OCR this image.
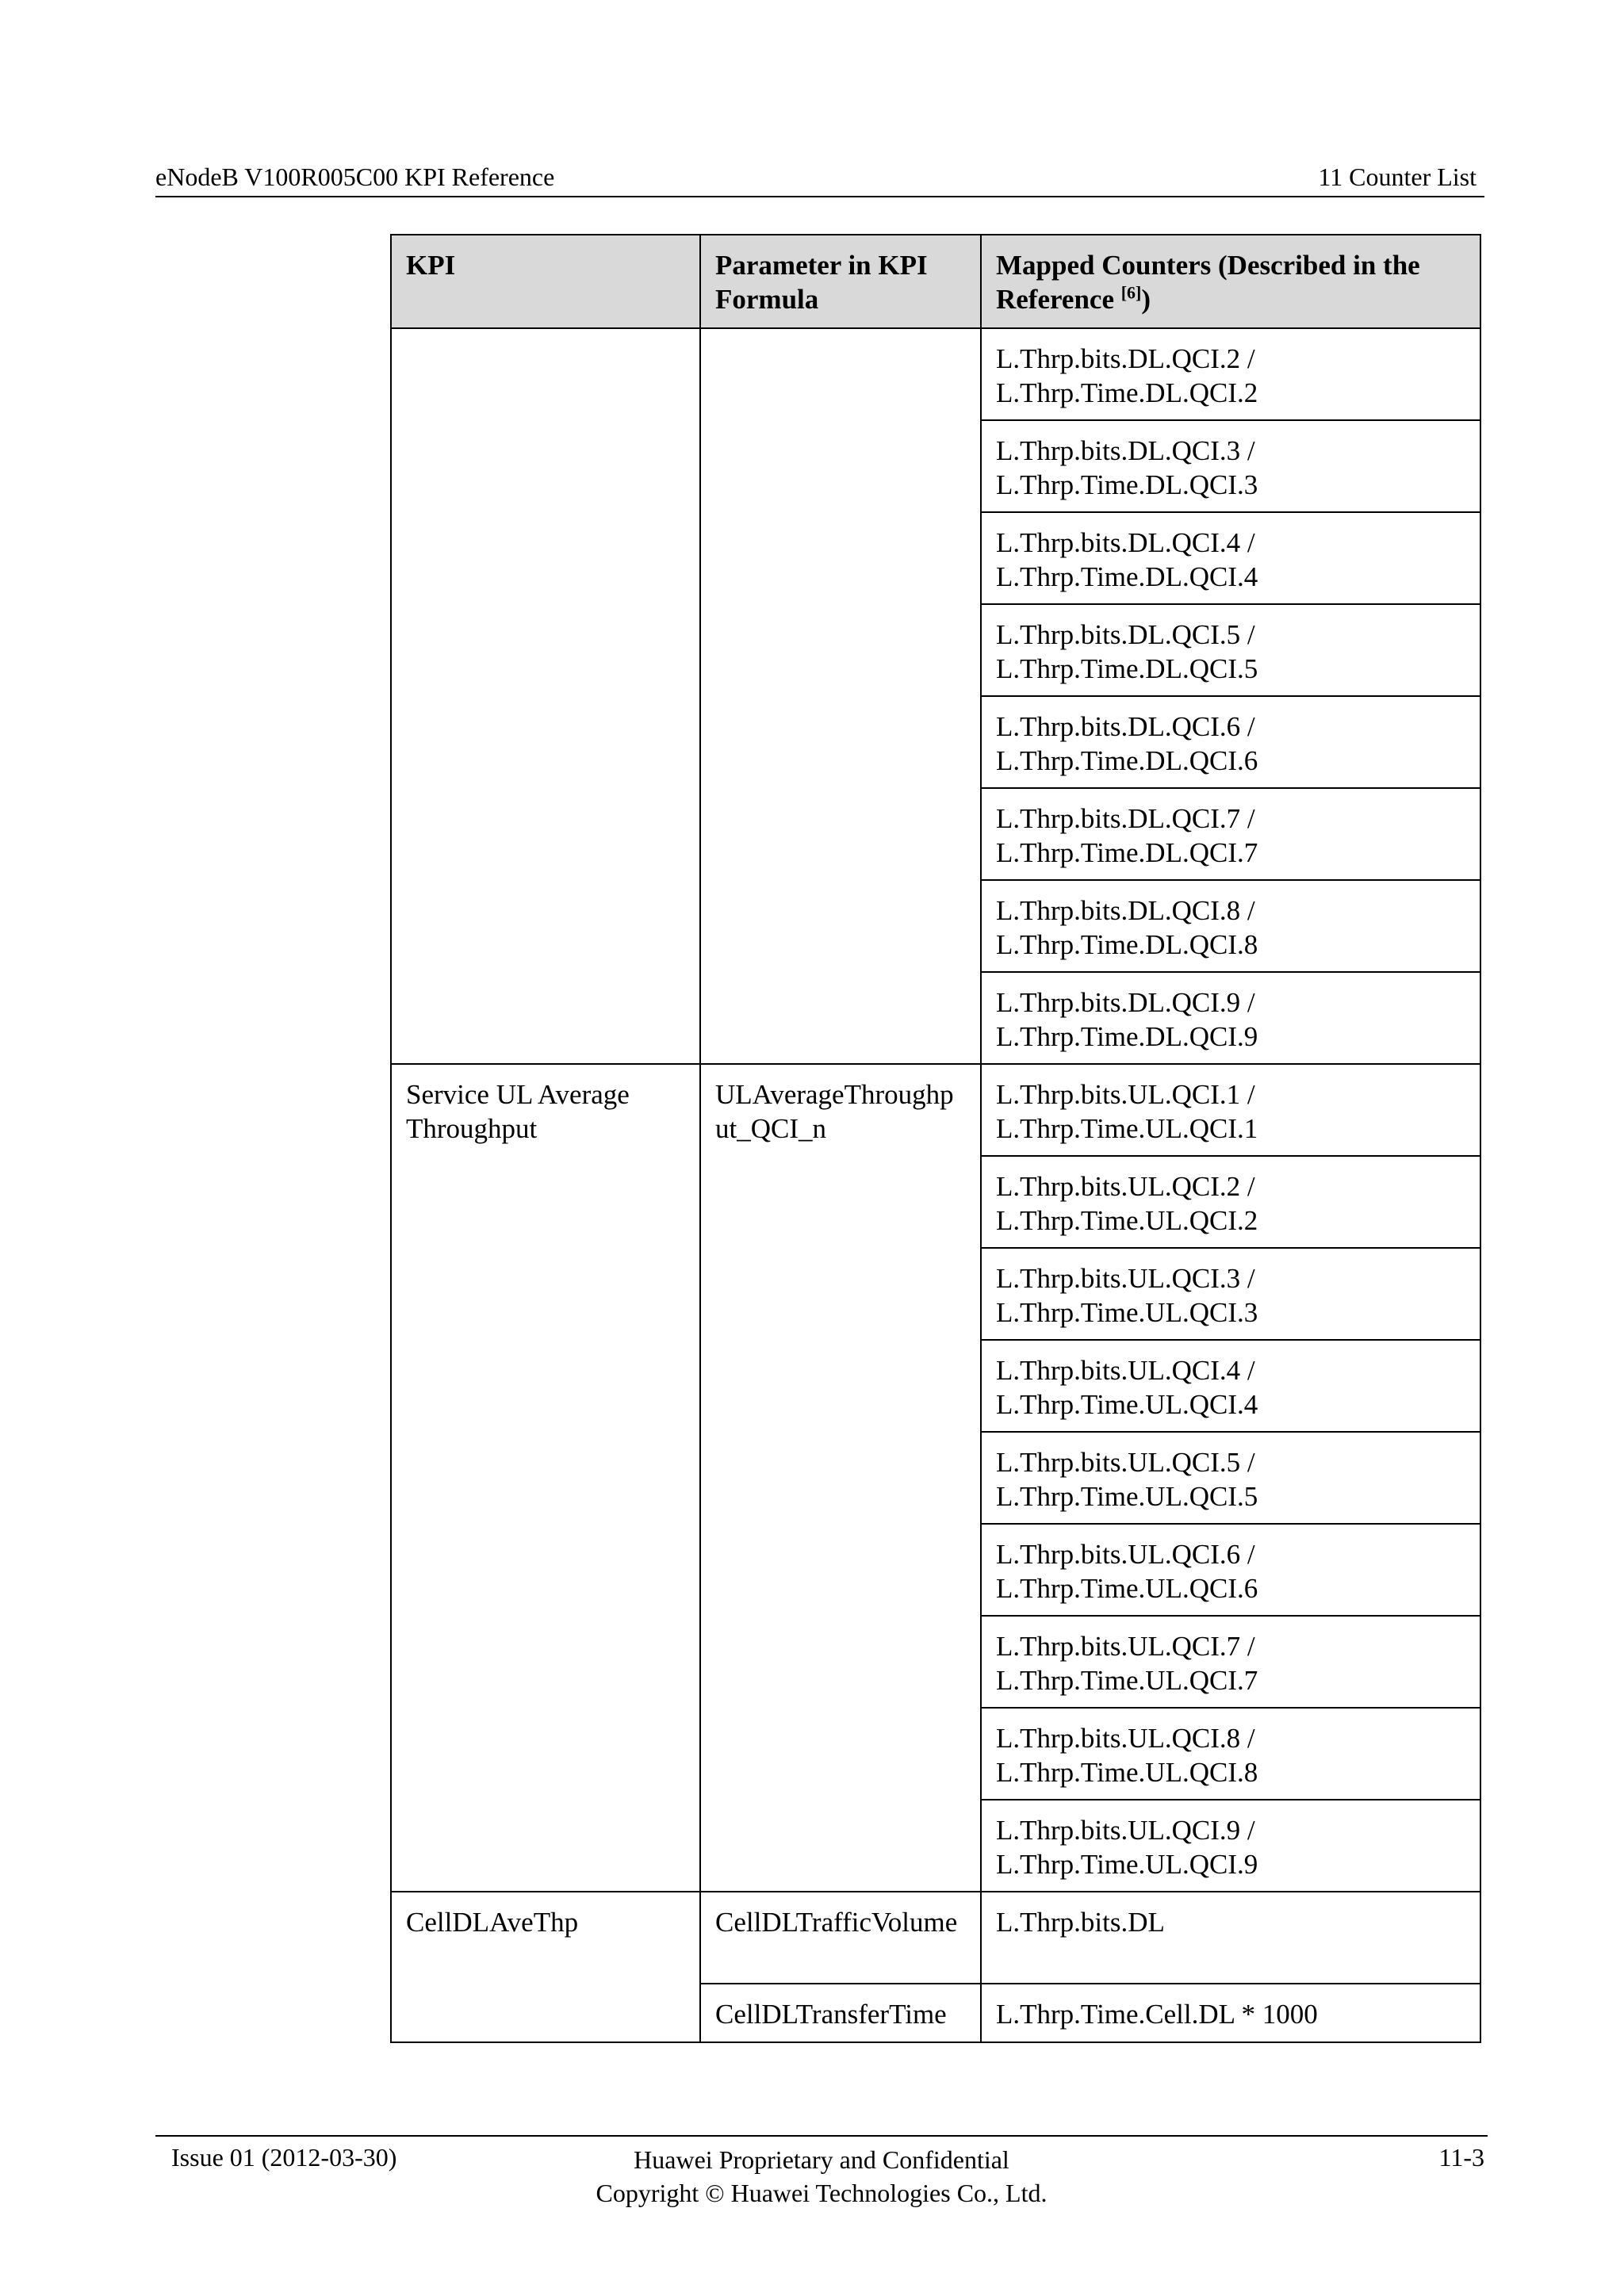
eNodeB V100R005C00 KPI Reference	11 Counter List
KPI	Parameter in KPI Formula	Mapped Counters (Described in the Reference [6])
		L.Thrp.bits.DL.QCI.2 / L.Thrp.Time.DL.QCI.2
		L.Thrp.bits.DL.QCI.3 / L.Thrp.Time.DL.QCI.3
		L.Thrp.bits.DL.QCI.4 / L.Thrp.Time.DL.QCI.4
		L.Thrp.bits.DL.QCI.5 / L.Thrp.Time.DL.QCI.5
		L.Thrp.bits.DL.QCI.6 / L.Thrp.Time.DL.QCI.6
		L.Thrp.bits.DL.QCI.7 / L.Thrp.Time.DL.QCI.7
		L.Thrp.bits.DL.QCI.8 / L.Thrp.Time.DL.QCI.8
		L.Thrp.bits.DL.QCI.9 / L.Thrp.Time.DL.QCI.9
Service UL Average Throughput	ULAverageThroughput_QCI_n	L.Thrp.bits.UL.QCI.1 / L.Thrp.Time.UL.QCI.1
		L.Thrp.bits.UL.QCI.2 / L.Thrp.Time.UL.QCI.2
		L.Thrp.bits.UL.QCI.3 / L.Thrp.Time.UL.QCI.3
		L.Thrp.bits.UL.QCI.4 / L.Thrp.Time.UL.QCI.4
		L.Thrp.bits.UL.QCI.5 / L.Thrp.Time.UL.QCI.5
		L.Thrp.bits.UL.QCI.6 / L.Thrp.Time.UL.QCI.6
		L.Thrp.bits.UL.QCI.7 / L.Thrp.Time.UL.QCI.7
		L.Thrp.bits.UL.QCI.8 / L.Thrp.Time.UL.QCI.8
		L.Thrp.bits.UL.QCI.9 / L.Thrp.Time.UL.QCI.9
CellDLAveThp	CellDLTrafficVolume	L.Thrp.bits.DL
	CellDLTransferTime	L.Thrp.Time.Cell.DL * 1000
Issue 01 (2012-03-30)	Huawei Proprietary and Confidential
Copyright © Huawei Technologies Co., Ltd.
11-3
